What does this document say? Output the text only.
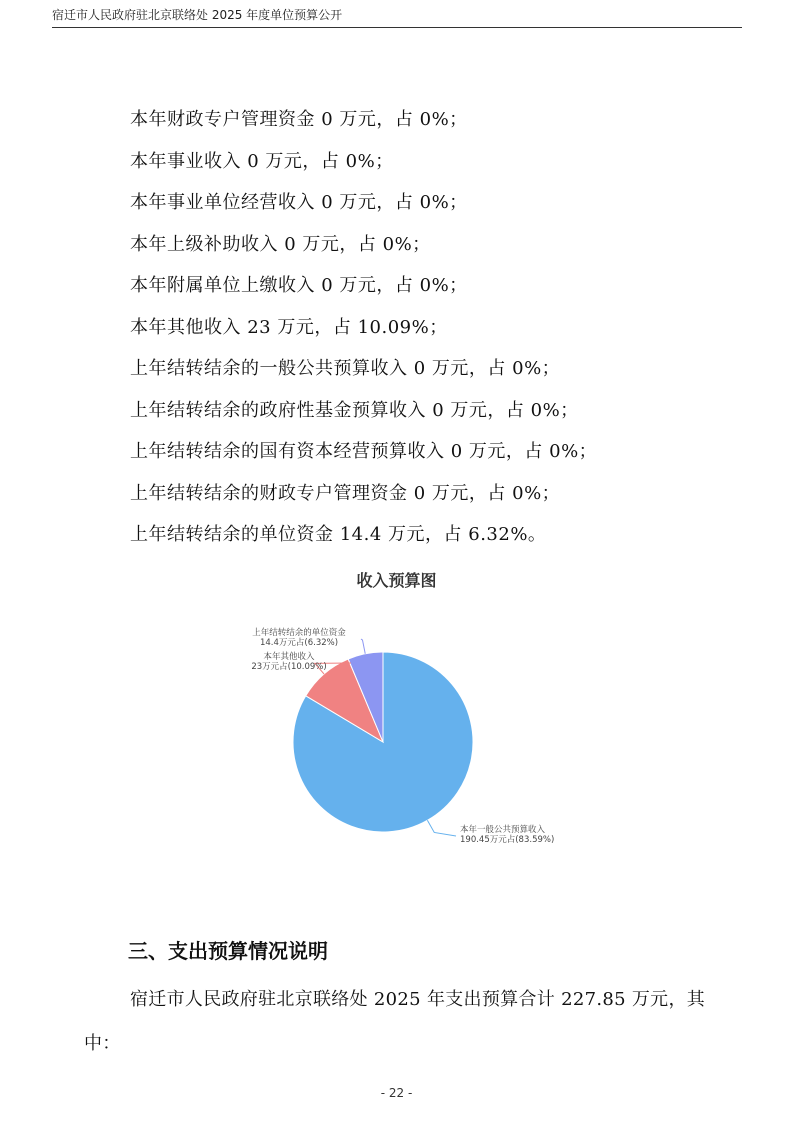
宿迁市人民政府驻北京联络处 2025 年度单位预算公开
本年财政专户管理资金 0 万元，占 0%；
本年事业收入 0 万元，占 0%；
本年事业单位经营收入 0 万元，占 0%；
本年上级补助收入 0 万元，占 0%；
本年附属单位上缴收入 0 万元，占 0%；
本年其他收入 23 万元，占 10.09%；
上年结转结余的一般公共预算收入 0 万元，占 0%；
上年结转结余的政府性基金预算收入 0 万元，占 0%；
上年结转结余的国有资本经营预算收入 0 万元，占 0%；
上年结转结余的财政专户管理资金 0 万元，占 0%；
上年结转结余的单位资金 14.4 万元，占 6.32%。
收入预算图
本年一般公共预算收入
190.45万元占(83.59%)
本年其他收入
23万元占(10.09%)
上年结转结余的单位资金
14.4万元占(6.32%)
三、支出预算情况说明
宿迁市人民政府驻北京联络处 2025 年支出预算合计 227.85 万元，其中：
- 22 -
